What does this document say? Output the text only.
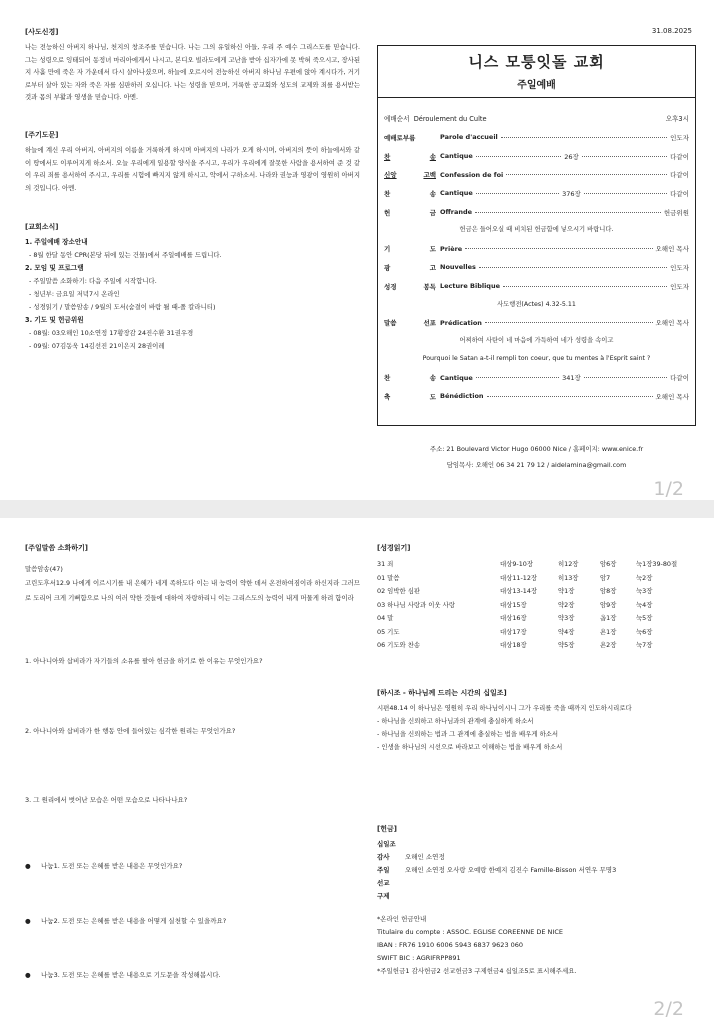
31.08.2025
[사도신경]
나는 전능하신 아버지 하나님, 천지의 창조주를 믿습니다. 나는 그의 유일하신 아들, 우리 주 예수 그리스도를 믿습니다. 그는 성령으로 잉태되어 동정녀 마리아에게서 나시고, 본디오 빌라도에게 고난을 받아 십자가에 못 박혀 죽으시고, 장사된 지 사흘 만에 죽은 자 가운데서 다시 살아나셨으며, 하늘에 오르시어 전능하신 아버지 하나님 우편에 앉아 계시다가, 거기로부터 살아 있는 자와 죽은 자를 심판하러 오십니다. 나는 성령을 믿으며, 거룩한 공교회와 성도의 교제와 죄를 용서받는 것과 몸의 부활과 영생을 믿습니다. 아멘.
[주기도문]
하늘에 계신 우리 아버지, 아버지의 이름을 거룩하게 하시며 아버지의 나라가 오게 하시며, 아버지의 뜻이 하늘에서와 같이 땅에서도 이루어지게 하소서. 오늘 우리에게 일용할 양식을 주시고, 우리가 우리에게 잘못한 사람을 용서하여 준 것 같이 우리 죄를 용서하여 주시고, 우리를 시험에 빠지지 않게 하시고, 악에서 구하소서. 나라와 권능과 영광이 영원히 아버지의 것입니다. 아멘.
[교회소식]
1. 주일예배 장소안내
- 8월 한달 동안 CPR(본당 뒤에 있는 건물)에서 주일예배를 드립니다.
2. 모임 및 프로그램
- 주일말씀 소화하기: 다음 주일에 시작합니다.
- 청년부: 금요일 저녁7시 온라인
- 성경읽기 / 말씀암송 / 9월의 도서(숨결이 바람 될 때-폴 칼라니티)
3. 기도 및 헌금위원
- 08월: 03오해인 10소연정 17황장감 24진수환 31권우경
- 09월: 07김동욱 14김선진 21이은지 28권이레
니스 모퉁잇돌 교회
주일예배
예배순서 Déroulement du Culte	오후3시
예배로부름	Parole d'accueil	인도자
찬	송 Cantique	26장	다같이
신앙	고백 Confession de foi	다같이
찬	송 Cantique	376장	다같이
헌	금 Offrande	헌금위원
헌금은 들어오실 때 비치된 헌금함에 넣으시기 바랍니다.
기	도 Prière	오해인 목사
광	고 Nouvelles	인도자
성경	봉독 Lecture Biblique	인도자
사도행전(Actes) 4.32-5.11
말씀	선포 Prédication	오해인 목사
어찌하여 사탄이 네 마음에 가득하여 네가 성령을 속이고
Pourquoi le Satan a-t-il rempli ton coeur, que tu mentes à l'Esprit saint ?
찬	송 Cantique	341장	다같이
축	도 Bénédiction	오해인 목사
주소: 21 Boulevard Victor Hugo 06000 Nice / 홈페이지: www.enice.fr
담임목사: 오해인 06 34 21 79 12 / aidelamina@gmail.com
1/2
[주일말씀 소화하기]
말씀암송(47)
고린도후서12.9 나에게 이르시기를 내 은혜가 네게 족하도다 이는 내 능력이 약한 데서 온전하여짐이라 하신지라 그러므로 도리어 크게 기뻐함으로 나의 여러 약한 것들에 대하여 자랑하리니 이는 그리스도의 능력이 내게 머물게 하려 함이라
1. 아나니아와 삽비라가 자기들의 소유를 팔아 헌금을 하기로 한 이유는 무엇인가요?
2. 아나니아와 삽비라가 한 행동 안에 들어있는 심각한 원리는 무엇인가요?
3. 그 원리에서 벗어난 모습은 어떤 모습으로 나타나나요?
●     나눔1. 도전 또는 은혜를 받은 내용은 무엇인가요?
●     나눔2. 도전 또는 은혜를 받은 내용을 어떻게 실천할 수 있을까요?
●     나눔3. 도전 또는 은혜를 받은 내용으로 기도문을 작성해봅시다.
[성경읽기]
31 죄	대상9-10장	히12장	암6장	눅1장39-80절
01 말씀	대상11-12장	히13장	암7	눅2장
02 임박한 심판	대상13-14장	약1장	암8장	눅3장
03 하나님 사랑과 이웃 사랑	대상15장	약2장	암9장	눅4장
04 말	대상16장	약3장	옵1장	눅5장
05 기도	대상17장	약4장	욘1장	눅6장
06 기도와 찬송	대상18장	약5장	욘2장	눅7장
[하시조 - 하나님께 드리는 시간의 십일조]
시편48.14 이 하나님은 영원히 우리 하나님이시니 그가 우리를 죽을 때까지 인도하시리로다
- 하나님을 신뢰하고 하나님과의 관계에 충실하게 하소서
- 하나님을 신뢰하는 법과 그 관계에 충실하는 법을 배우게 하소서
- 인생을 하나님의 시선으로 바라보고 이해하는 법을 배우게 하소서
[헌금]
십일조
감사 오해인 소연정
주일 오해인 소연정 오사랑 오예랑 한예지 김진수 Famille-Bisson 서연우 무명3
선교
구제
*온라인 헌금안내
Titulaire du compte : ASSOC. EGLISE COREENNE DE NICE
IBAN : FR76 1910 6006 5943 6837 9623 060
SWIFT BIC : AGRIFRPP891
*주일헌금1 감사헌금2 선교헌금3 구제헌금4 십일조5로 표시해주세요.
2/2
